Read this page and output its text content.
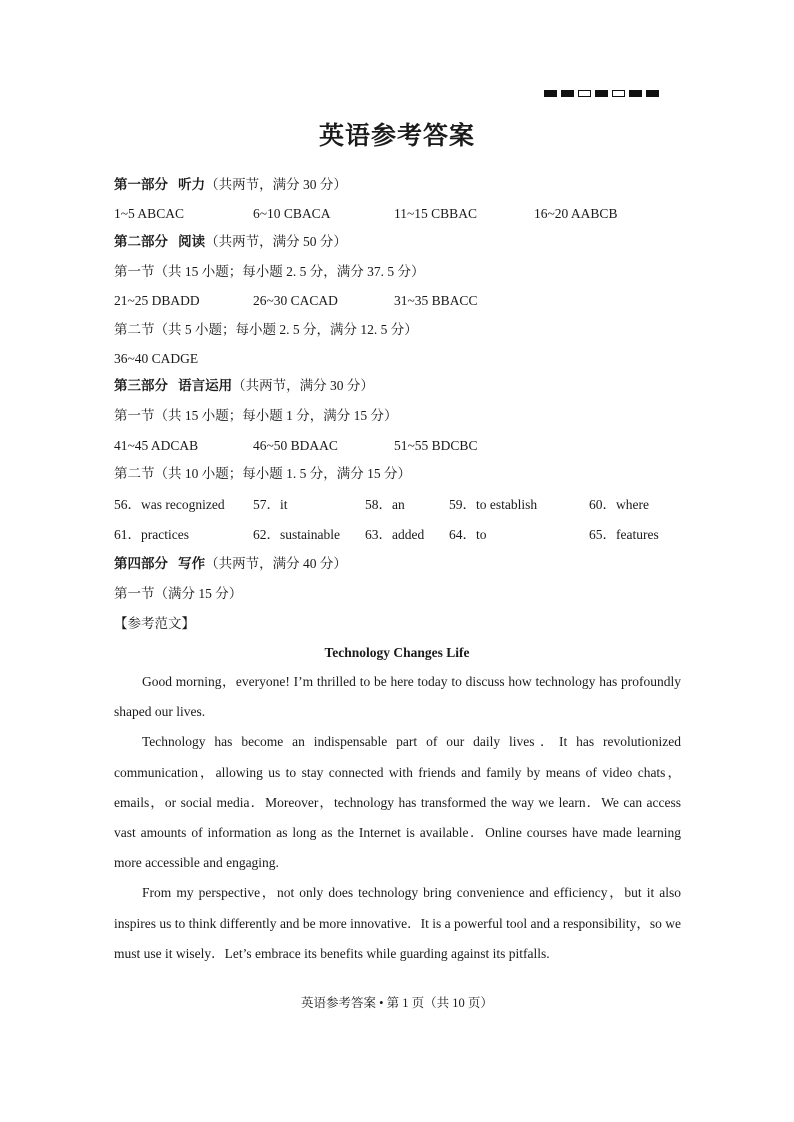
英语参考答案
第一部分 听力（共两节，满分 30 分）
1~5 ABCAC	6~10 CBACA	11~15 CBBAC	16~20 AABCB
第二部分 阅读（共两节，满分 50 分）
第一节（共 15 小题；每小题 2. 5 分，满分 37. 5 分）
21~25 DBADD	26~30 CACAD	31~35 BBACC
第二节（共 5 小题；每小题 2. 5 分，满分 12. 5 分）
36~40 CADGE
第三部分 语言运用（共两节，满分 30 分）
第一节（共 15 小题；每小题 1 分，满分 15 分）
41~45 ADCAB	46~50 BDAAC	51~55 BDCBC
第二节（共 10 小题；每小题 1. 5 分，满分 15 分）
56．was recognized 57．it	58．an	59．to establish	60．where
61．practices	62．sustainable 63．added 64．to	65．features
第四部分 写作（共两节，满分 40 分）
第一节（满分 15 分）
【参考范文】
Technology Changes Life

Good morning，everyone! I’m thrilled to be here today to discuss how technology has profoundly shaped our lives.

Technology has become an indispensable part of our daily lives．It has revolutionized communication，allowing us to stay connected with friends and family by means of video chats，emails，or social media．Moreover，technology has transformed the way we learn．We can access vast amounts of information as long as the Internet is available．Online courses have made learning more accessible and engaging.

From my perspective，not only does technology bring convenience and efficiency，but it also inspires us to think differently and be more innovative．It is a powerful tool and a responsibility，so we must use it wisely．Let’s embrace its benefits while guarding against its pitfalls.

英语参考答案 • 第 1 页（共 10 页）
